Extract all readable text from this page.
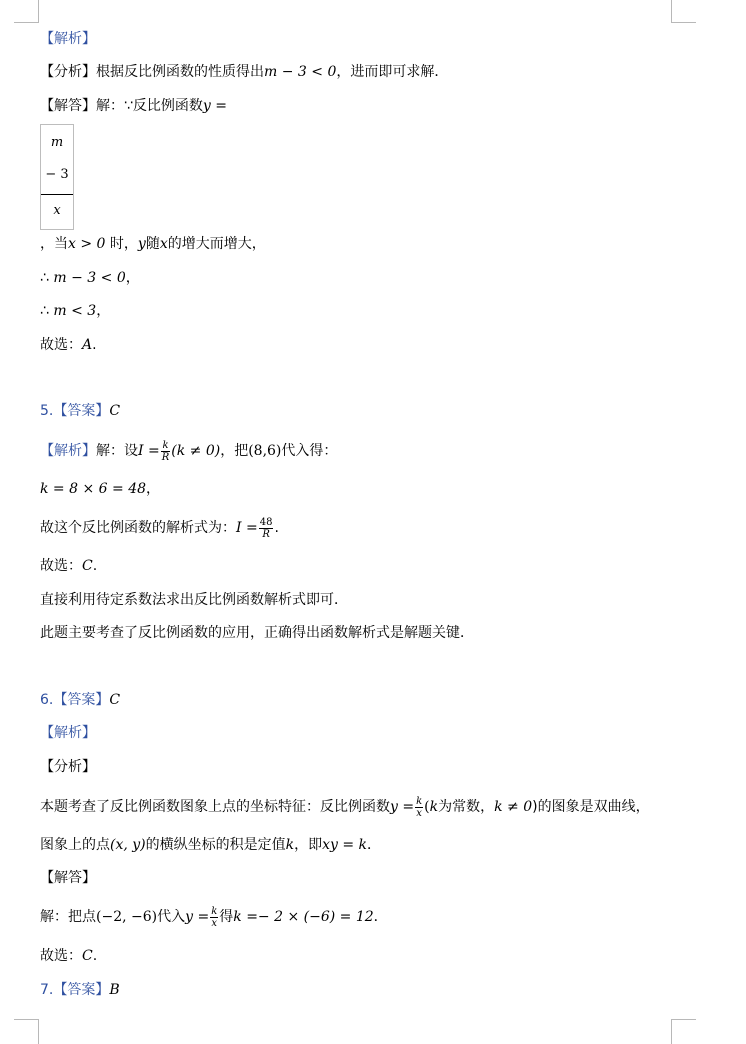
【解析】
【分析】根据反比例函数的性质得出m − 3 < 0，进而即可求解．
【解答】解：∵反比例函数y =
m
− 3
x
，当x > 0 时，y随x的增大而增大，
∴ m − 3 < 0，
∴ m < 3，
故选：A.
5.【答案】C
【解析】解：设$I = \frac{k}{R} (k \ne 0)$，把(8,6)代入得：
k = 8 × 6 = 48，
故这个反比例函数的解析式为：$I = \frac{48}{R}$ .
故选：C.
直接利用待定系数法求出反比例函数解析式即可．
此题主要考查了反比例函数的应用，正确得出函数解析式是解题关键．
6.【答案】C
【解析】
【分析】
本题考查了反比例函数图象上点的坐标特征：反比例函数$y = \frac{k}{x} (k$为常数，k ≠ 0)的图象是双曲线，
图象上的点(x, y)的横纵坐标的积是定值k，即xy = k．
【解答】
解：把点(−2, −6)代入$y = \frac{k}{x}$ 得k =− 2 × (−6) = 12．
故选：C.
7.【答案】B
